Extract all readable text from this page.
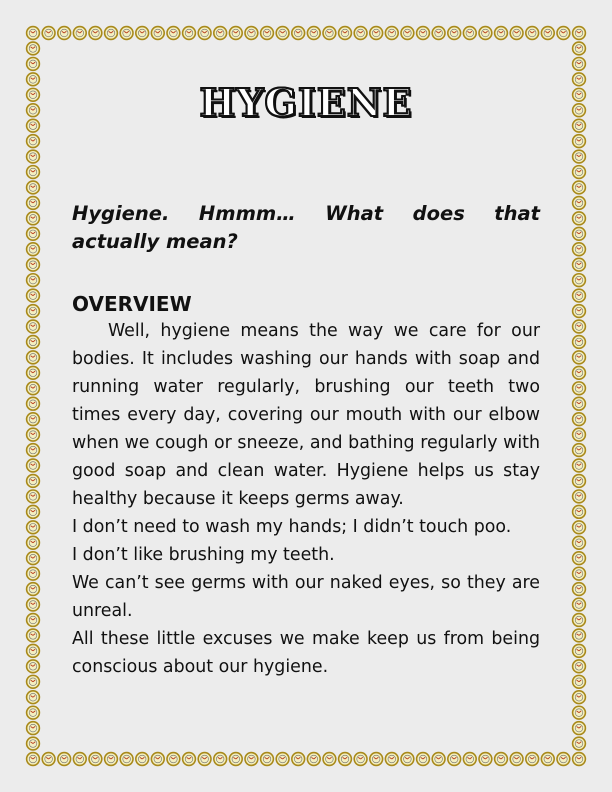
HYGIENE

Hygiene. Hmmm… What does that actually mean?

OVERVIEW

Well, hygiene means the way we care for our bodies. It includes washing our hands with soap and running water regularly, brushing our teeth two times every day, covering our mouth with our elbow when we cough or sneeze, and bathing regularly with good soap and clean water. Hygiene helps us stay healthy because it keeps germs away.

I don’t need to wash my hands; I didn’t touch poo.

I don’t like brushing my teeth.

We can’t see germs with our naked eyes, so they are unreal.

All these little excuses we make keep us from being conscious about our hygiene.
